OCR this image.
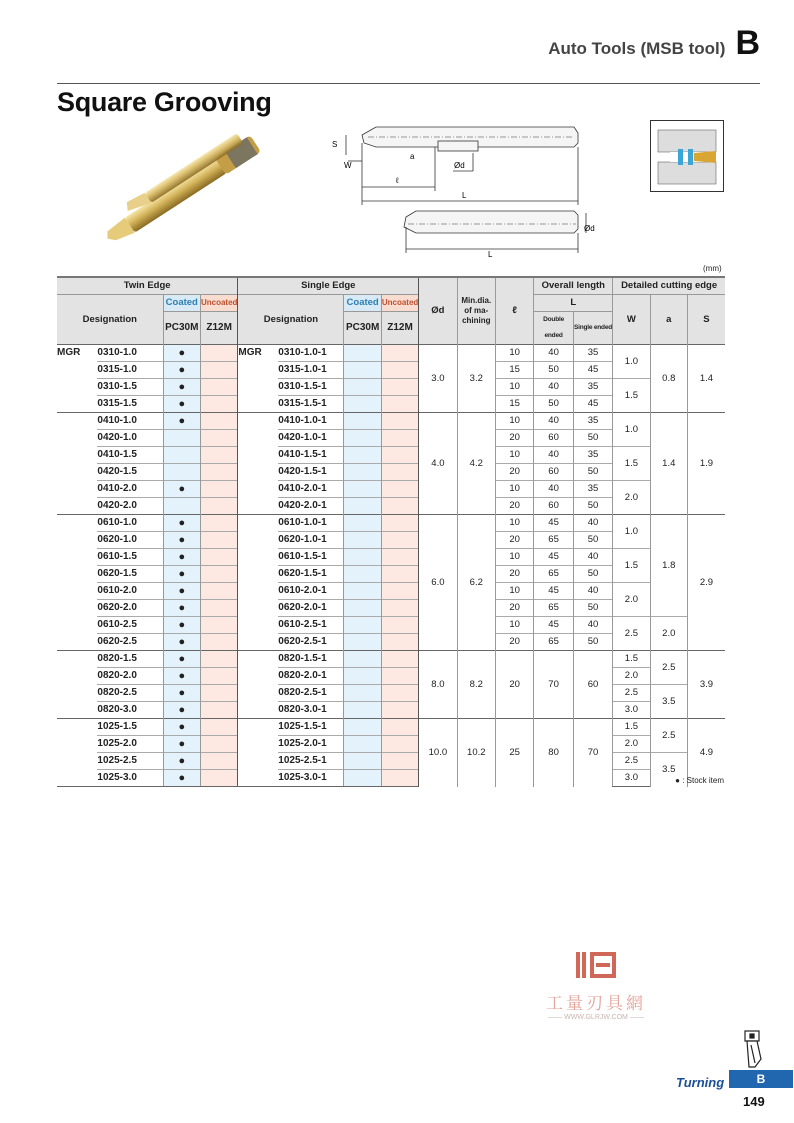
Auto Tools (MSB tool) B
Square Grooving
S
W
a
Ød
ℓ
L
Ød
L
(mm)
Twin Edge				Single Edge				Ød	Min.dia. of ma- chining	ℓ	Overall length		Detailed cutting edge		
Designation		Coated	Uncoated	Designation		Coated	Uncoated				L		W	a	S
		PC30M	Z12M			PC30M	Z12M				Double ended	Single ended			
MGR	0310-1.0	●		MGR	0310-1.0-1			3.0	3.2	10	40	35	1.0	0.8	1.4
	0315-1.0	●			0315-1.0-1					15	50	45			
	0310-1.5	●			0310-1.5-1					10	40	35	1.5		
	0315-1.5	●			0315-1.5-1					15	50	45			
	0410-1.0	●			0410-1.0-1			4.0	4.2	10	40	35	1.0	1.4	1.9
	0420-1.0				0420-1.0-1					20	60	50			
	0410-1.5				0410-1.5-1					10	40	35	1.5		
	0420-1.5				0420-1.5-1					20	60	50			
	0410-2.0	●			0410-2.0-1					10	40	35	2.0		
	0420-2.0				0420-2.0-1					20	60	50			
	0610-1.0	●			0610-1.0-1			6.0	6.2	10	45	40	1.0	1.8	2.9
	0620-1.0	●			0620-1.0-1					20	65	50			
	0610-1.5	●			0610-1.5-1					10	45	40	1.5		
	0620-1.5	●			0620-1.5-1					20	65	50			
	0610-2.0	●			0610-2.0-1					10	45	40	2.0		
	0620-2.0	●			0620-2.0-1					20	65	50			
	0610-2.5	●			0610-2.5-1					10	45	40	2.5	2.0	
	0620-2.5	●			0620-2.5-1					20	65	50			
	0820-1.5	●			0820-1.5-1			8.0	8.2	20	70	60	1.5	2.5	3.9
	0820-2.0	●			0820-2.0-1								2.0		
	0820-2.5	●			0820-2.5-1								2.5	3.5	
	0820-3.0	●			0820-3.0-1								3.0		
	1025-1.5	●			1025-1.5-1			10.0	10.2	25	80	70	1.5	2.5	4.9
	1025-2.0	●			1025-2.0-1								2.0		
	1025-2.5	●			1025-2.5-1								2.5	3.5	
	1025-3.0	●			1025-3.0-1								3.0			● : Stock item
工量刃具網
—— WWW.GLRJW.COM ——
Turning	B
149
